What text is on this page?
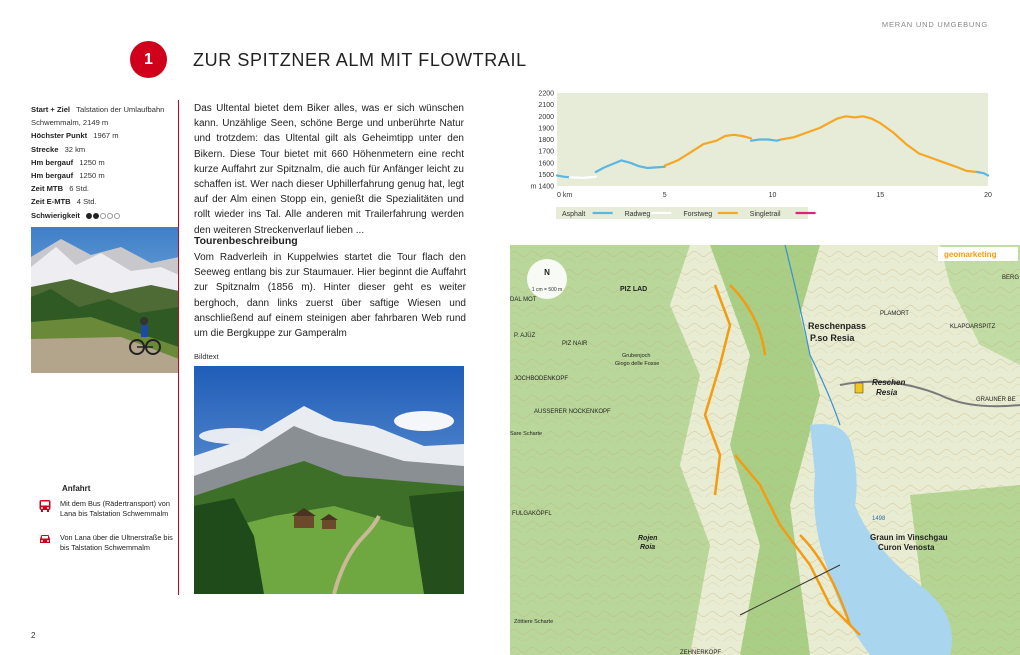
MERAN UND UMGEBUNG
1	ZUR SPITZNER ALM MIT FLOWTRAIL
Start + Ziel Talstation der Umlaufbahn Schwemmalm, 2149 m
Höchster Punkt 1967 m
Strecke 32 km
Hm bergauf 1250 m
Hm bergauf 1250 m
Zeit MTB 6 Std.
Zeit E-MTB 4 Std.
Schwierigkeit
Anfahrt
Mit dem Bus (Rädertransport) von Lana bis Talstation Schwemmalm
Von Lana über die Ultnerstraße bis bis Talstation Schwemmalm
Das Ultental bietet dem Biker alles, was er sich wünschen kann. Unzählige Seen, schöne Berge und unberührte Natur und trotzdem: das Ultental gilt als Geheimtipp unter den Bikern. Diese Tour bietet mit 660 Höhenmetern eine recht kurze Auffahrt zur Spitznalm, die auch für Anfänger leicht zu schaffen ist. Wer nach dieser Uphillerfahrung genug hat, legt auf der Alm einen Stopp ein, genießt die Spezialitäten und rollt wieder ins Tal. Alle anderen mit Trailerfahrung werden den weiteren Streckenverlauf lieben ...
Tourenbeschreibung
Vom Radverleih in Kuppelwies startet die Tour flach den Seeweg entlang bis zur Staumauer. Hier beginnt die Auffahrt zur Spitznalm (1856 m). Hinter dieser geht es weiter berghoch, dann links zuerst über saftige Wiesen und anschließend auf einem steinigen aber fahrbaren Web rund um die Bergkuppe zur Gamperalm
Bildtext
m 1400
1500
1600
1700
1800
1900
2000
2100
2200
0 km	5	10	15	20
Asphalt	Radweg	Forstweg	Singletrail
N
1 cm = 500 m
geomarketing
PIZ LAD
DAL MOT
PIZ NAIR
P. AJÜZ
JOCHBODENKOPF
Grubenjoch
Giogo delle Fosse
AUSSERER NOCKENKOPF
Sare Scharte
Reschenpass
P.so Resia
PLAMORT
KLAPOARSPITZ
BERG
Reschen
Resia
GRAUNER BE
FULGAKÖPFL
Rojen
Roia
Graun im Vinschgau
Curon Venosta
ZEHNERKOPF
Zöttiere Scharte
1498
2
